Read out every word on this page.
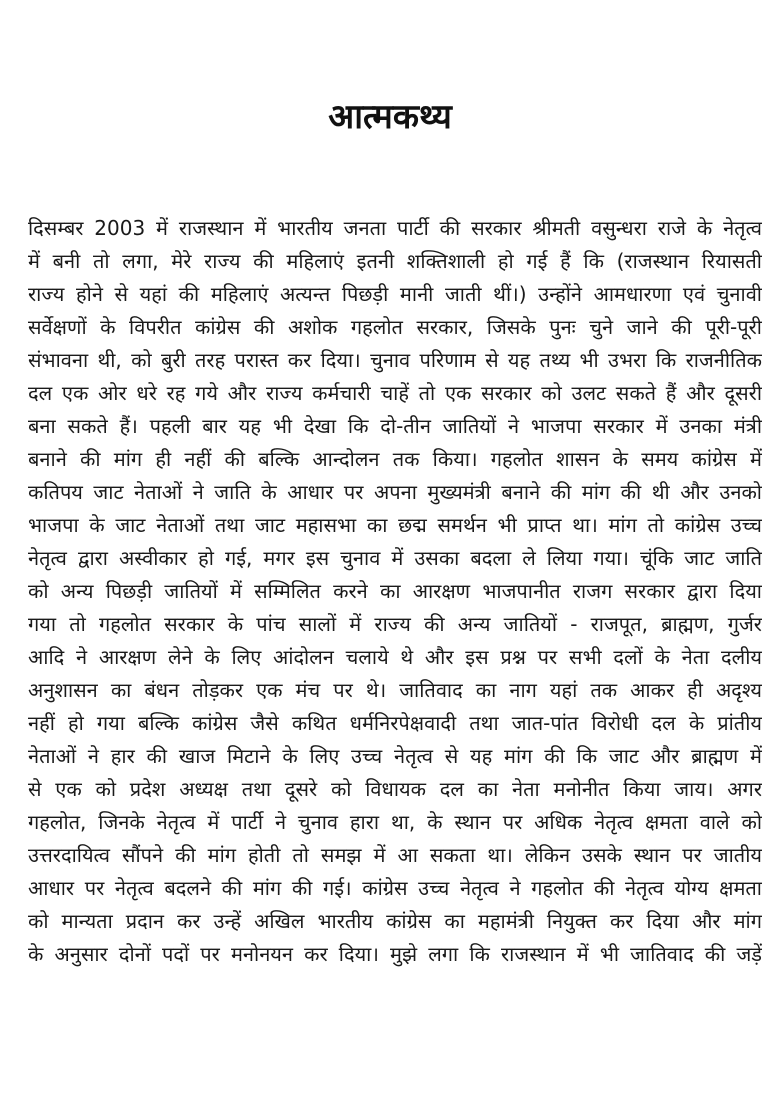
आत्मकथ्य
दिसम्बर 2003 में राजस्थान में भारतीय जनता पार्टी की सरकार श्रीमती वसुन्धरा राजे के नेतृत्व
में बनी तो लगा, मेरे राज्य की महिलाएं इतनी शक्तिशाली हो गई हैं कि (राजस्थान रियासती
राज्य होने से यहां की महिलाएं अत्यन्त पिछड़ी मानी जाती थीं।) उन्होंने आमधारणा एवं चुनावी
सर्वेक्षणों के विपरीत कांग्रेस की अशोक गहलोत सरकार, जिसके पुनः चुने जाने की पूरी-पूरी
संभावना थी, को बुरी तरह परास्त कर दिया। चुनाव परिणाम से यह तथ्य भी उभरा कि राजनीतिक
दल एक ओर धरे रह गये और राज्य कर्मचारी चाहें तो एक सरकार को उलट सकते हैं और दूसरी
बना सकते हैं। पहली बार यह भी देखा कि दो-तीन जातियों ने भाजपा सरकार में उनका मंत्री
बनाने की मांग ही नहीं की बल्कि आन्दोलन तक किया। गहलोत शासन के समय कांग्रेस में
कतिपय जाट नेताओं ने जाति के आधार पर अपना मुख्यमंत्री बनाने की मांग की थी और उनको
भाजपा के जाट नेताओं तथा जाट महासभा का छद्म समर्थन भी प्राप्त था। मांग तो कांग्रेस उच्च
नेतृत्व द्वारा अस्वीकार हो गई, मगर इस चुनाव में उसका बदला ले लिया गया। चूंकि जाट जाति
को अन्य पिछड़ी जातियों में सम्मिलित करने का आरक्षण भाजपानीत राजग सरकार द्वारा दिया
गया तो गहलोत सरकार के पांच सालों में राज्य की अन्य जातियों - राजपूत, ब्राह्मण, गुर्जर
आदि ने आरक्षण लेने के लिए आंदोलन चलाये थे और इस प्रश्न पर सभी दलों के नेता दलीय
अनुशासन का बंधन तोड़कर एक मंच पर थे। जातिवाद का नाग यहां तक आकर ही अदृश्य
नहीं हो गया बल्कि कांग्रेस जैसे कथित धर्मनिरपेक्षवादी तथा जात-पांत विरोधी दल के प्रांतीय
नेताओं ने हार की खाज मिटाने के लिए उच्च नेतृत्व से यह मांग की कि जाट और ब्राह्मण में
से एक को प्रदेश अध्यक्ष तथा दूसरे को विधायक दल का नेता मनोनीत किया जाय। अगर
गहलोत, जिनके नेतृत्व में पार्टी ने चुनाव हारा था, के स्थान पर अधिक नेतृत्व क्षमता वाले को
उत्तरदायित्व सौंपने की मांग होती तो समझ में आ सकता था। लेकिन उसके स्थान पर जातीय
आधार पर नेतृत्व बदलने की मांग की गई। कांग्रेस उच्च नेतृत्व ने गहलोत की नेतृत्व योग्य क्षमता
को मान्यता प्रदान कर उन्हें अखिल भारतीय कांग्रेस का महामंत्री नियुक्त कर दिया और मांग
के अनुसार दोनों पदों पर मनोनयन कर दिया। मुझे लगा कि राजस्थान में भी जातिवाद की जड़ें
